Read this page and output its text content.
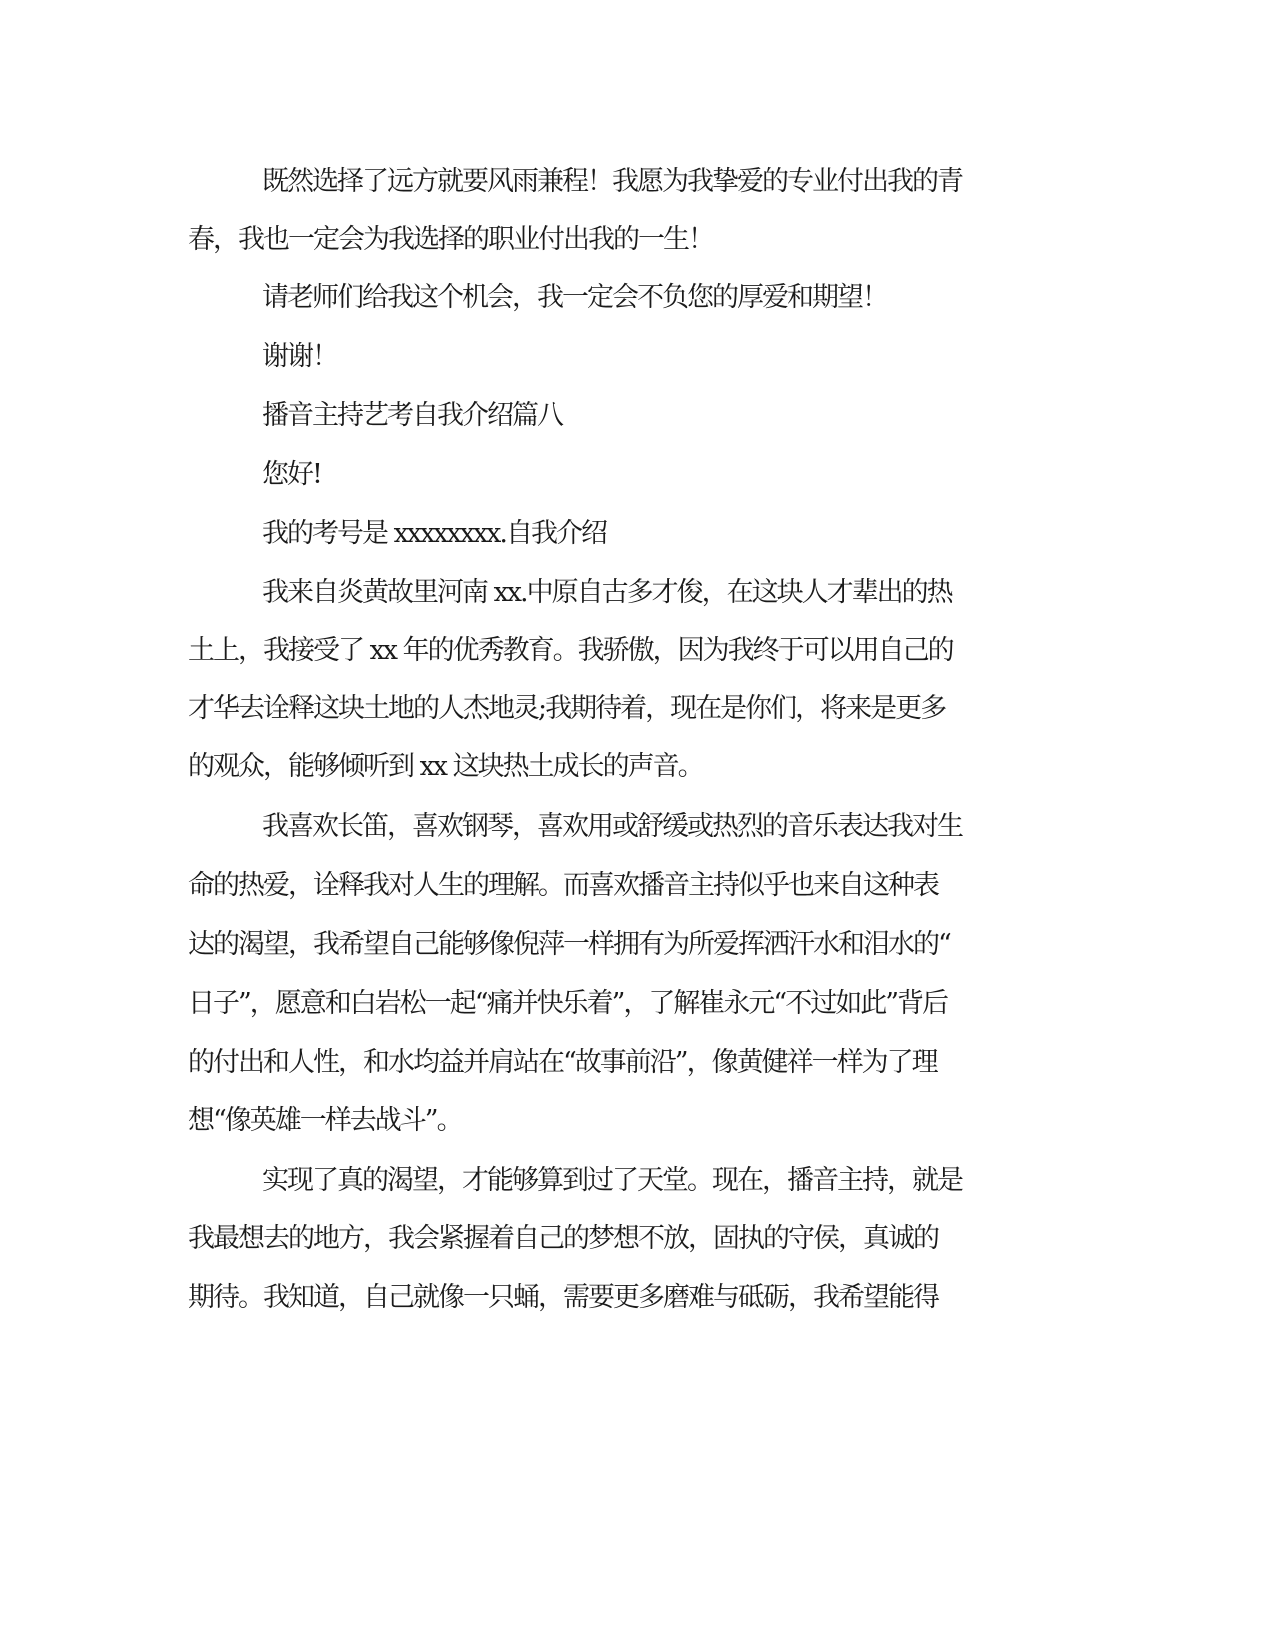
既然选择了远方就要风雨兼程！我愿为我挚爱的专业付出我的青
春，我也一定会为我选择的职业付出我的一生！
请老师们给我这个机会，我一定会不负您的厚爱和期望！
谢谢！
播音主持艺考自我介绍篇八
您好!
我的考号是 xxxxxxxx.自我介绍
我来自炎黄故里河南 xx.中原自古多才俊，在这块人才辈出的热
土上，我接受了 xx 年的优秀教育。我骄傲，因为我终于可以用自己的
才华去诠释这块土地的人杰地灵;我期待着，现在是你们，将来是更多
的观众，能够倾听到 xx 这块热土成长的声音。
我喜欢长笛，喜欢钢琴，喜欢用或舒缓或热烈的音乐表达我对生
命的热爱，诠释我对人生的理解。而喜欢播音主持似乎也来自这种表
达的渴望，我希望自己能够像倪萍一样拥有为所爱挥洒汗水和泪水的“
日子”，愿意和白岩松一起“痛并快乐着”，了解崔永元“不过如此”背后
的付出和人性，和水均益并肩站在“故事前沿”，像黄健祥一样为了理
想“像英雄一样去战斗”。
实现了真的渴望，才能够算到过了天堂。现在，播音主持，就是
我最想去的地方，我会紧握着自己的梦想不放，固执的守侯，真诚的
期待。我知道，自己就像一只蛹，需要更多磨难与砥砺，我希望能得
